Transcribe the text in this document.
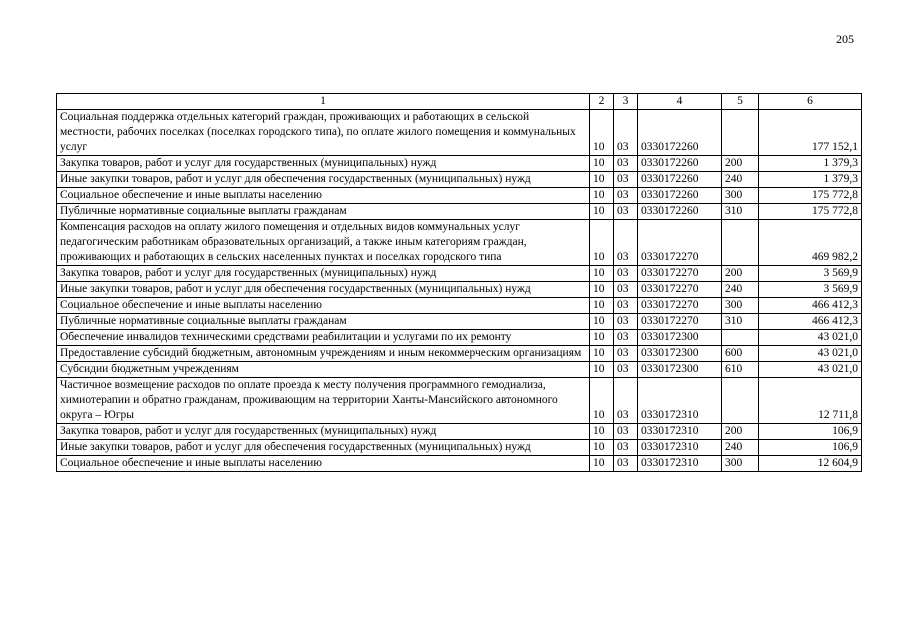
205
1	2	3	4	5	6
Социальная поддержка отдельных категорий граждан, проживающих и работающих в сельской местности, рабочих поселках (поселках городского типа), по оплате жилого помещения и коммунальных услуг	10	03	0330172260		177 152,1
Закупка товаров, работ и услуг для государственных (муниципальных) нужд	10	03	0330172260	200	1 379,3
Иные закупки товаров, работ и услуг для обеспечения государственных (муниципальных) нужд	10	03	0330172260	240	1 379,3
Социальное обеспечение и иные выплаты населению	10	03	0330172260	300	175 772,8
Публичные нормативные социальные выплаты гражданам	10	03	0330172260	310	175 772,8
Компенсация расходов на оплату жилого помещения и отдельных видов коммунальных услуг педагогическим работникам образовательных организаций, а также иным категориям граждан, проживающих и работающих в сельских населенных пунктах и поселках городского типа	10	03	0330172270		469 982,2
Закупка товаров, работ и услуг для государственных (муниципальных) нужд	10	03	0330172270	200	3 569,9
Иные закупки товаров, работ и услуг для обеспечения государственных (муниципальных) нужд	10	03	0330172270	240	3 569,9
Социальное обеспечение и иные выплаты населению	10	03	0330172270	300	466 412,3
Публичные нормативные социальные выплаты гражданам	10	03	0330172270	310	466 412,3
Обеспечение инвалидов техническими средствами реабилитации и услугами по их ремонту	10	03	0330172300		43 021,0
Предоставление субсидий бюджетным, автономным учреждениям и иным некоммерческим организациям	10	03	0330172300	600	43 021,0
Субсидии бюджетным учреждениям	10	03	0330172300	610	43 021,0
Частичное возмещение расходов по оплате проезда к месту получения программного гемодиализа, химиотерапии и обратно гражданам, проживающим на территории Ханты-Мансийского автономного округа – Югры	10	03	0330172310		12 711,8
Закупка товаров, работ и услуг для государственных (муниципальных) нужд	10	03	0330172310	200	106,9
Иные закупки товаров, работ и услуг для обеспечения государственных (муниципальных) нужд	10	03	0330172310	240	106,9
Социальное обеспечение и иные выплаты населению	10	03	0330172310	300	12 604,9
